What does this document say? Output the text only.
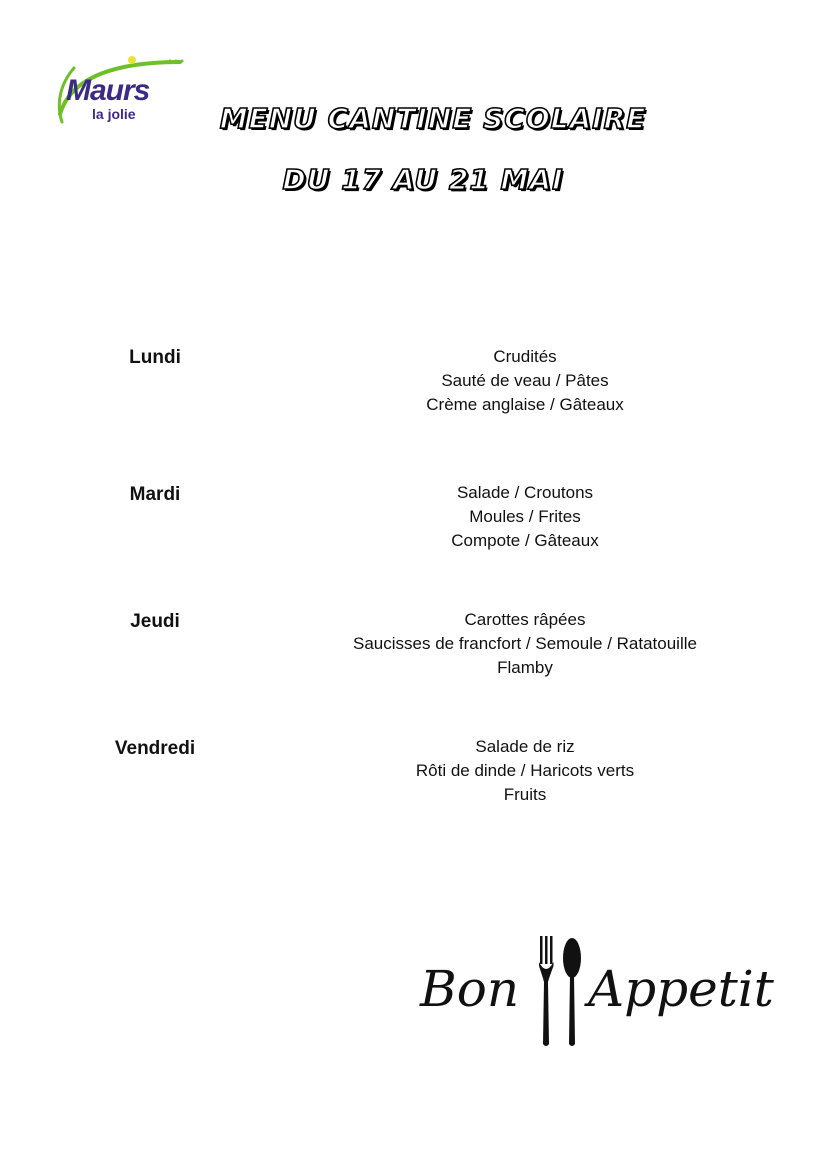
Maurs
la jolie	MENU CANTINE SCOLAIRE
DU 17 AU 21 MAI
Lundi	Crudités
Sauté de veau / Pâtes
Crème anglaise / Gâteaux
Mardi	Salade / Croutons
Moules / Frites
Compote / Gâteaux
Jeudi	Carottes râpées
Saucisses de francfort / Semoule / Ratatouille
Flamby
Vendredi	Salade de riz
Rôti de dinde / Haricots verts
Fruits
Bon Appetit
